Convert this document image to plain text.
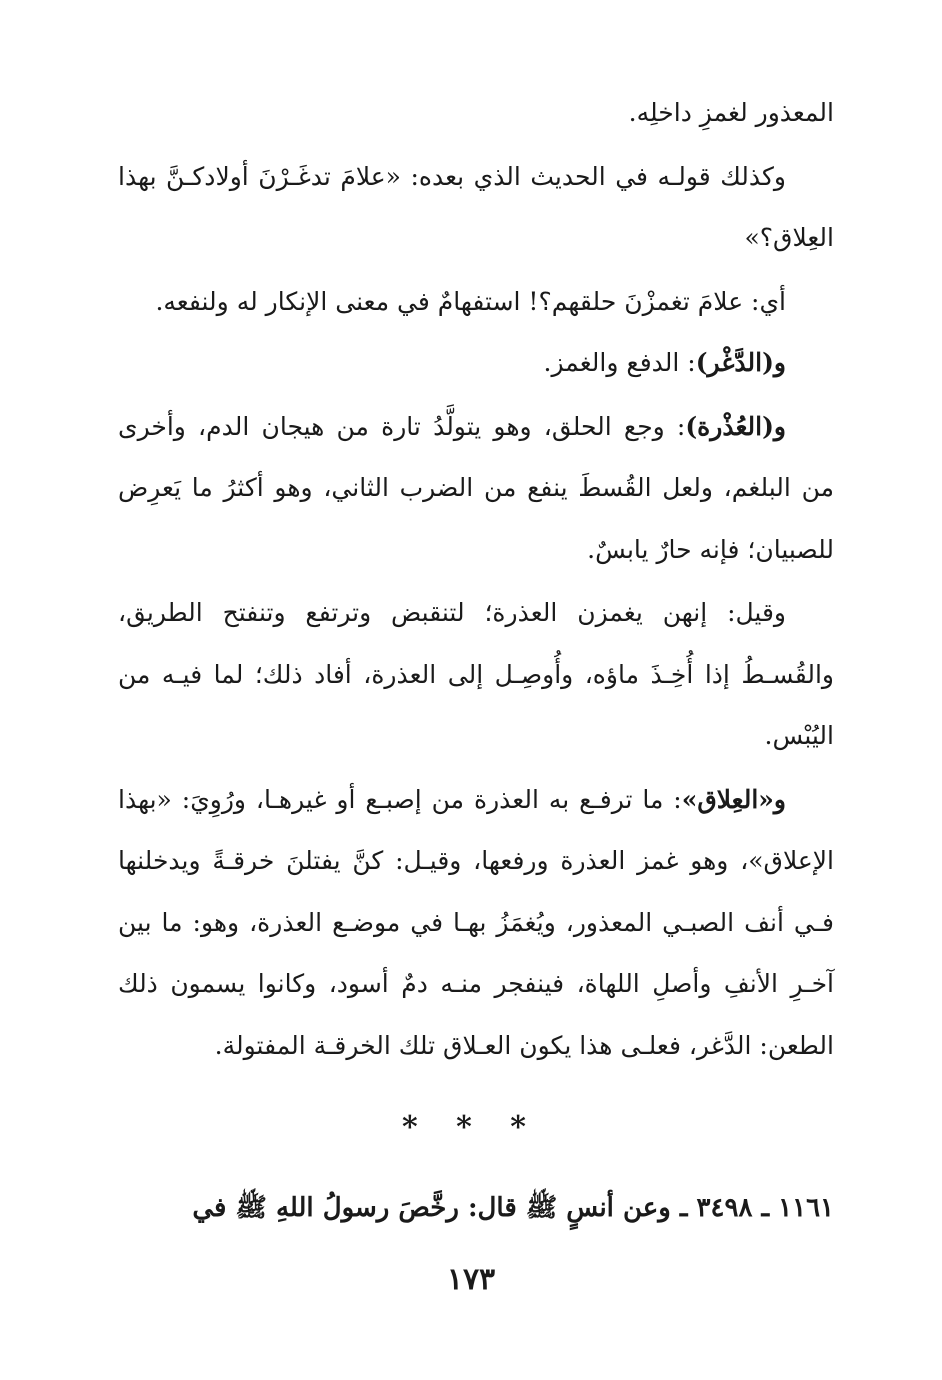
المعذور لغمزِ داخلِه.

وكذلك قولـه في الحديث الذي بعده: «علامَ تدغَـرْنَ أولادكـنَّ بهذا العِلاق؟»

أي: علامَ تغمزْنَ حلقهم؟! استفهامٌ في معنى الإنكار له ولنفعه.

و(الدَّغْر): الدفع والغمز.

و(العُذْرة): وجع الحلق، وهو يتولَّدُ تارة من هيجان الدم، وأخرى من البلغم، ولعل القُسطَ ينفع من الضرب الثاني، وهو أكثرُ ما يَعرِض للصبيان؛ فإنه حارٌ يابسٌ.

وقيل: إنهن يغمزن العذرة؛ لتنقبض وترتفع وتنفتح الطريق، والقُسـطُ إذا أُخِـذَ ماؤه، وأُوصِـل إلى العذرة، أفاد ذلك؛ لما فيـه من اليُبْس.

و«العِلاق»: ما ترفـع به العذرة من إصبـع أو غيرهـا، ورُوِيَ: «بهذا الإعلاق»، وهو غمز العذرة ورفعها، وقيـل: كنَّ يفتلنَ خرقـةً ويدخلنها فـي أنف الصبـي المعذور، ويُغمَزُ بهـا في موضـع العذرة، وهو: ما بين آخـرِ الأنفِ وأصلِ اللهاة، فينفجر منـه دمٌ أسود، وكانوا يسمون ذلك الطعن: الدَّغر، فعلـى هذا يكون العـلاق تلك الخرقـة المفتولة.

* * *
١١٦١ ـ ٣٤٩٨ ـ وعن أنسٍ ﷺ قال: رخَّصَ رسولُ اللهِ ﷺ في
١٧٣
